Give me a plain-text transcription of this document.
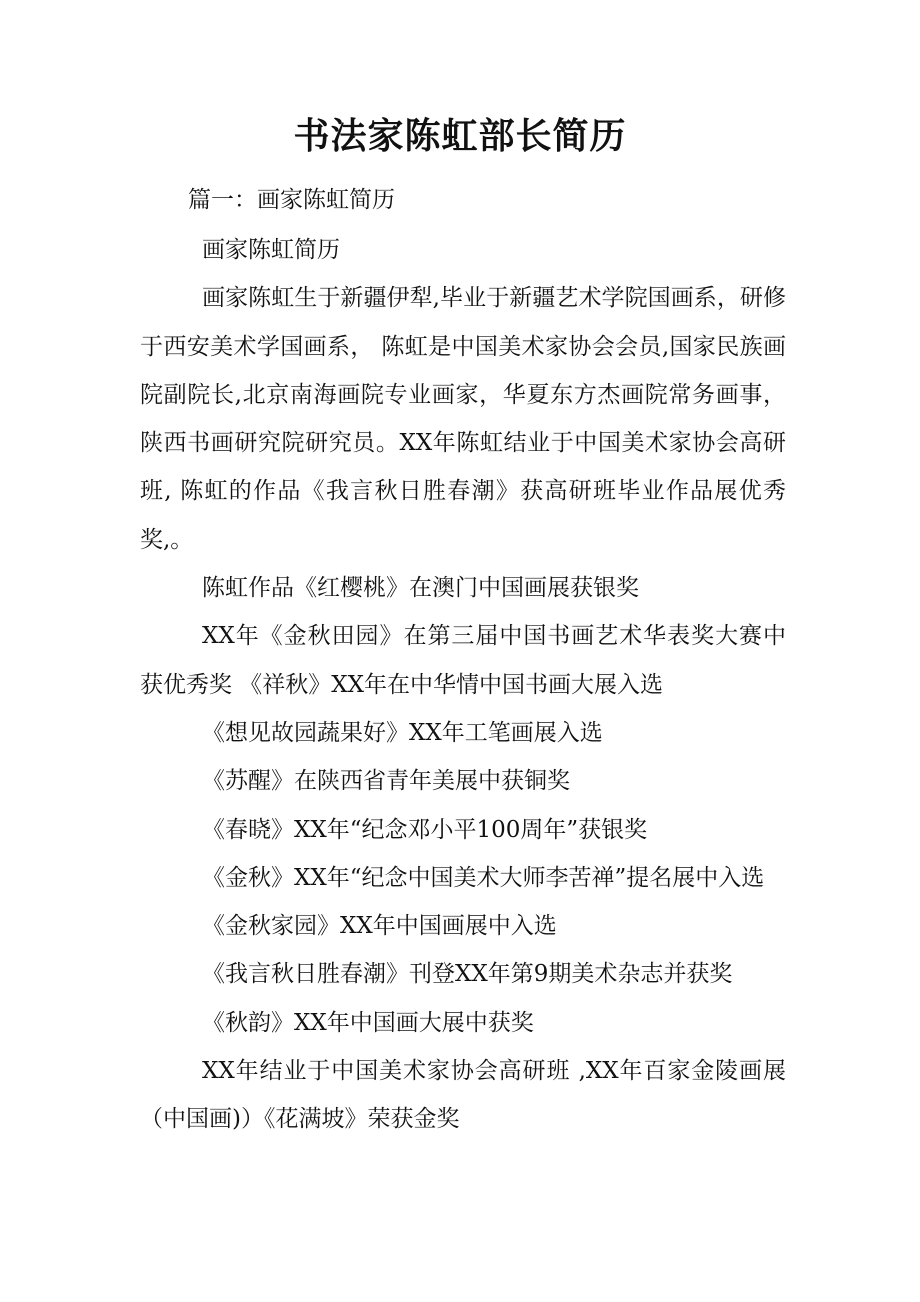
书法家陈虹部长简历
篇一：画家陈虹简历

画家陈虹简历

画家陈虹生于新疆伊犁,毕业于新疆艺术学院国画系，研修于西安美术学国画系， 陈虹是中国美术家协会会员,国家民族画院副院长,北京南海画院专业画家，华夏东方杰画院常务画事，陕西书画研究院研究员。XX年陈虹结业于中国美术家协会高研班, 陈虹的作品《我言秋日胜春潮》获高研班毕业作品展优秀奖,。

陈虹作品《红樱桃》在澳门中国画展获银奖

XX年《金秋田园》在第三届中国书画艺术华表奖大赛中获优秀奖 《祥秋》XX年在中华情中国书画大展入选

《想见故园蔬果好》XX年工笔画展入选

《苏醒》在陕西省青年美展中获铜奖

《春晓》XX年“纪念邓小平100周年”获银奖

《金秋》XX年“纪念中国美术大师李苦禅”提名展中入选

《金秋家园》XX年中国画展中入选

《我言秋日胜春潮》刊登XX年第9期美术杂志并获奖

《秋韵》XX年中国画大展中获奖

XX年结业于中国美术家协会高研班 ,XX年百家金陵画展（中国画)）《花满坡》荣获金奖
